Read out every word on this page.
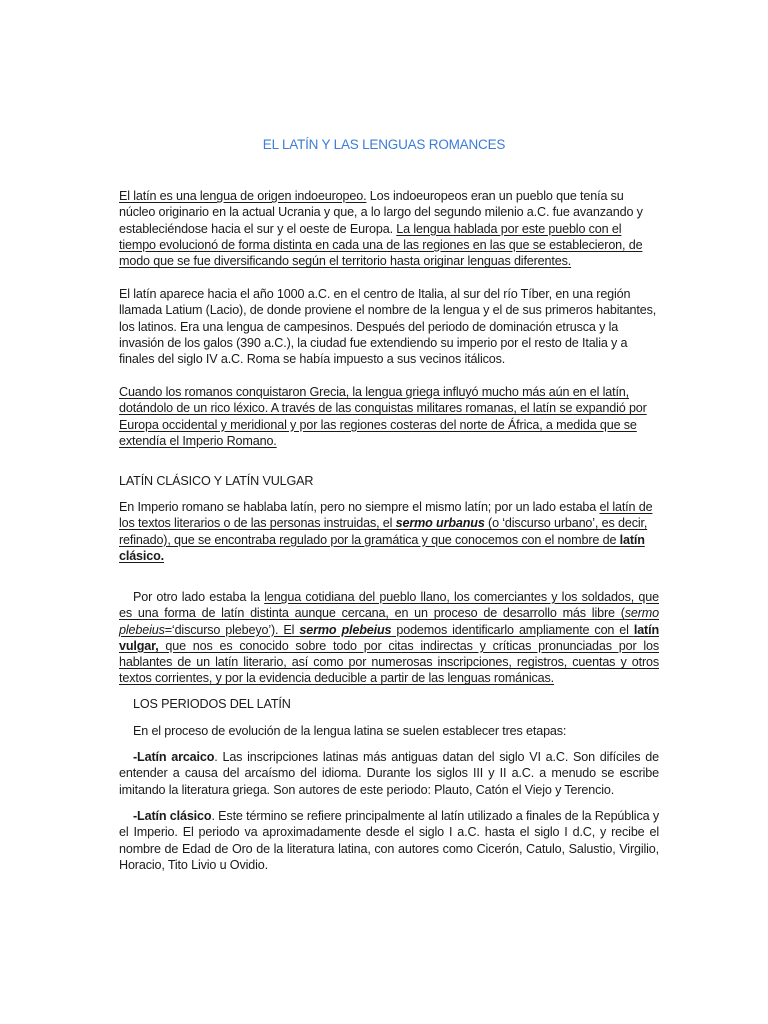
EL LATÍN Y LAS LENGUAS ROMANCES

El latín es una lengua de origen indoeuropeo. Los indoeuropeos eran un pueblo que tenía su núcleo originario en la actual Ucrania y que, a lo largo del segundo milenio a.C. fue avanzando y estableciéndose hacia el sur y el oeste de Europa. La lengua hablada por este pueblo con el tiempo evolucionó de forma distinta en cada una de las regiones en las que se establecieron, de modo que se fue diversificando según el territorio hasta originar lenguas diferentes.

El latín aparece hacia el año 1000 a.C. en el centro de Italia, al sur del río Tíber, en una región llamada Latium (Lacio), de donde proviene el nombre de la lengua y el de sus primeros habitantes, los latinos. Era una lengua de campesinos. Después del periodo de dominación etrusca y la invasión de los galos (390 a.C.), la ciudad fue extendiendo su imperio por el resto de Italia y a finales del siglo IV a.C. Roma se había impuesto a sus vecinos itálicos.

Cuando los romanos conquistaron Grecia, la lengua griega influyó mucho más aún en el latín, dotándolo de un rico léxico. A través de las conquistas militares romanas, el latín se expandió por Europa occidental y meridional y por las regiones costeras del norte de África, a medida que se extendía el Imperio Romano.

LATÍN CLÁSICO Y LATÍN VULGAR

En Imperio romano se hablaba latín, pero no siempre el mismo latín; por un lado estaba el latín de los textos literarios o de las personas instruidas, el sermo urbanus (o ‘discurso urbano’, es decir, refinado), que se encontraba regulado por la gramática y que conocemos con el nombre de latín clásico.

Por otro lado estaba la lengua cotidiana del pueblo llano, los comerciantes y los soldados, que es una forma de latín distinta aunque cercana, en un proceso de desarrollo más libre (sermo plebeius=‘discurso plebeyo’). El sermo plebeius podemos identificarlo ampliamente con el latín vulgar, que nos es conocido sobre todo por citas indirectas y críticas pronunciadas por los hablantes de un latín literario, así como por numerosas inscripciones, registros, cuentas y otros textos corrientes, y por la evidencia deducible a partir de las lenguas románicas.

LOS PERIODOS DEL LATÍN

En el proceso de evolución de la lengua latina se suelen establecer tres etapas:

-Latín arcaico. Las inscripciones latinas más antiguas datan del siglo VI a.C. Son difíciles de entender a causa del arcaísmo del idioma. Durante los siglos III y II a.C. a menudo se escribe imitando la literatura griega. Son autores de este periodo: Plauto, Catón el Viejo y Terencio.

-Latín clásico. Este término se refiere principalmente al latín utilizado a finales de la República y el Imperio. El periodo va aproximadamente desde el siglo I a.C. hasta el siglo I d.C, y recibe el nombre de Edad de Oro de la literatura latina, con autores como Cicerón, Catulo, Salustio, Virgilio, Horacio, Tito Livio u Ovidio.
